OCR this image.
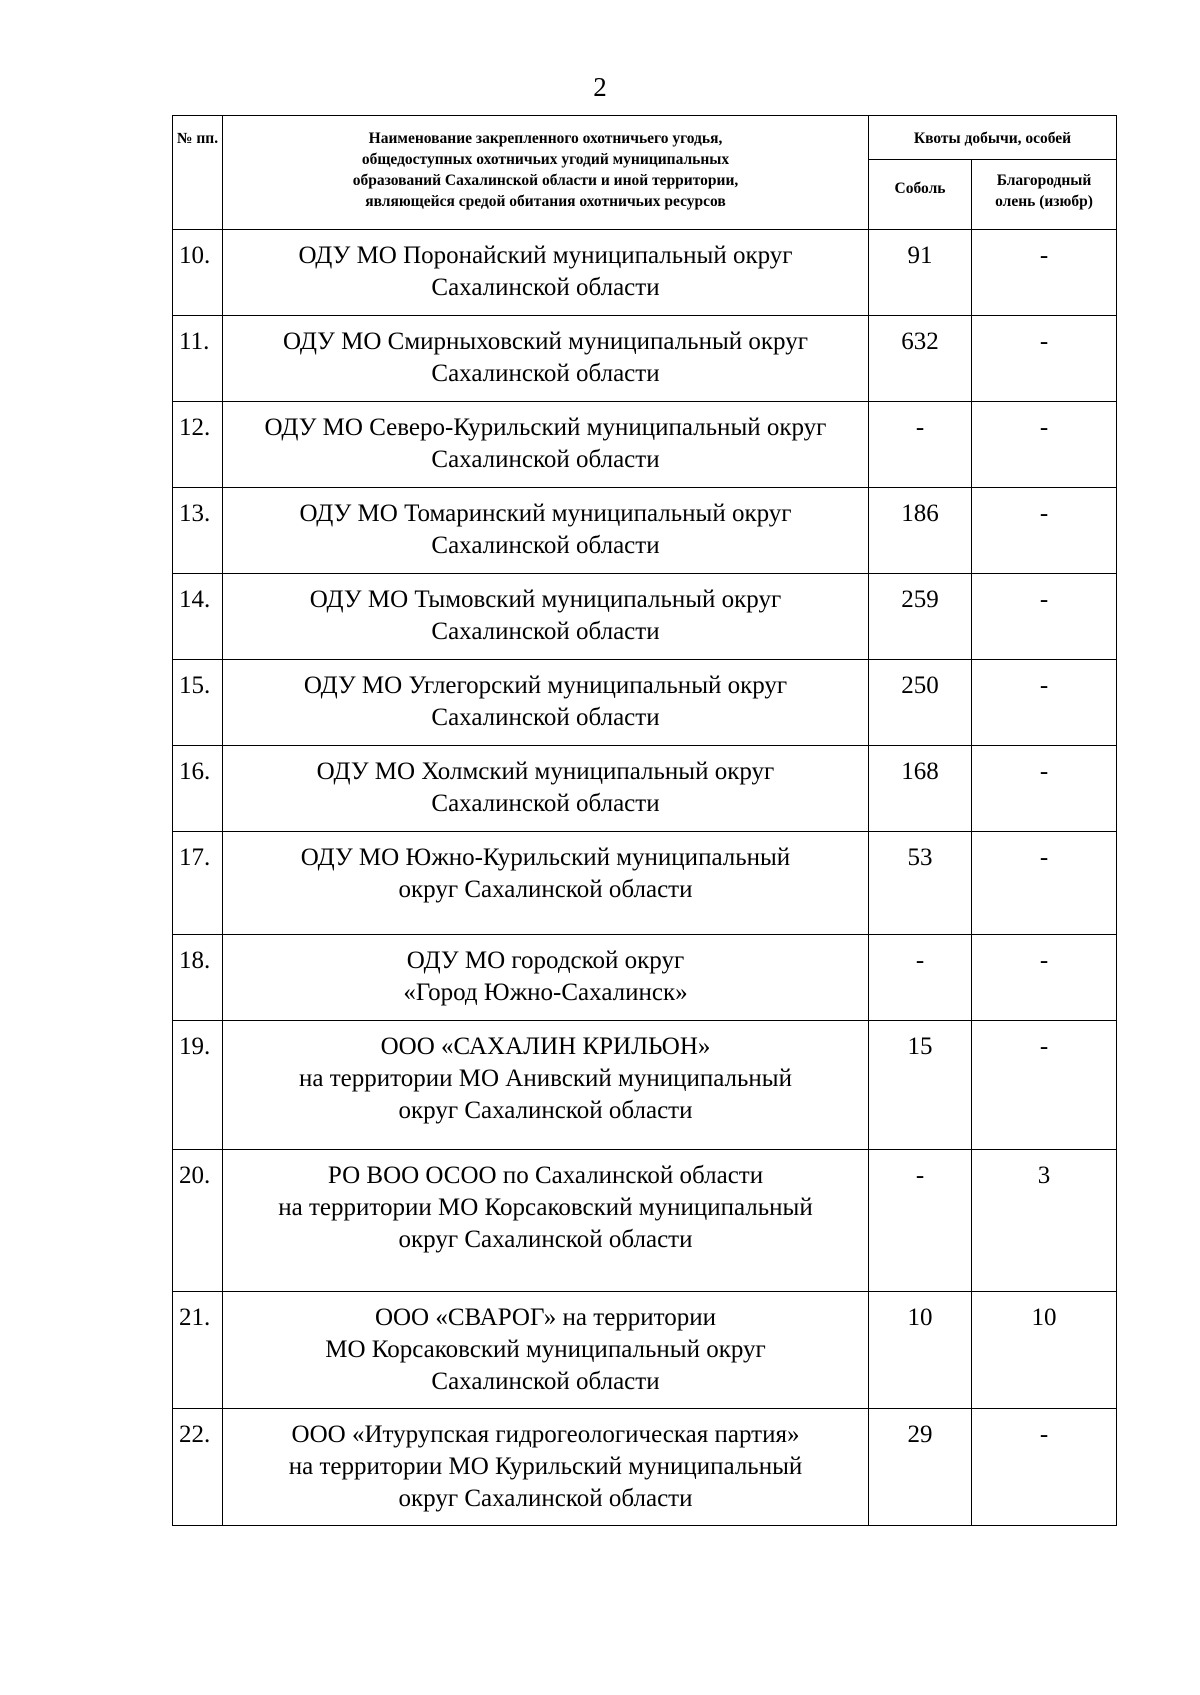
2
№ пп.	Наименование закрепленного охотничьего угодья,
общедоступных охотничьих угодий муниципальных
образований Сахалинской области и иной территории,
являющейся средой обитания охотничьих ресурсов	Квоты добычи, особей	
		Соболь	Благородный
олень (изюбр)

10.	ОДУ МО Поронайский муниципальный округ
Сахалинской области	91	-
11.	ОДУ МО Смирныховский муниципальный округ
Сахалинской области	632	-
12.	ОДУ МО Северо-Курильский муниципальный округ
Сахалинской области	-	-
13.	ОДУ МО Томаринский муниципальный округ
Сахалинской области	186	-
14.	ОДУ МО Тымовский муниципальный округ
Сахалинской области	259	-
15.	ОДУ МО Углегорский муниципальный округ
Сахалинской области	250	-
16.	ОДУ МО Холмский муниципальный округ
Сахалинской области	168	-
17.	ОДУ МО Южно-Курильский муниципальный
округ Сахалинской области	53	-
18.	ОДУ МО городской округ
«Город Южно-Сахалинск»	-	-
19.	ООО «САХАЛИН КРИЛЬОН»
на территории МО Анивский муниципальный
округ Сахалинской области	15	-
20.	РО ВОО ОСОО по Сахалинской области
на территории МО Корсаковский муниципальный
округ Сахалинской области	-	3
21.	ООО «СВАРОГ» на территории
МО Корсаковский муниципальный округ
Сахалинской области	10	10
22.	ООО «Итурупская гидрогеологическая партия»
на территории МО Курильский муниципальный
округ Сахалинской области	29	-
